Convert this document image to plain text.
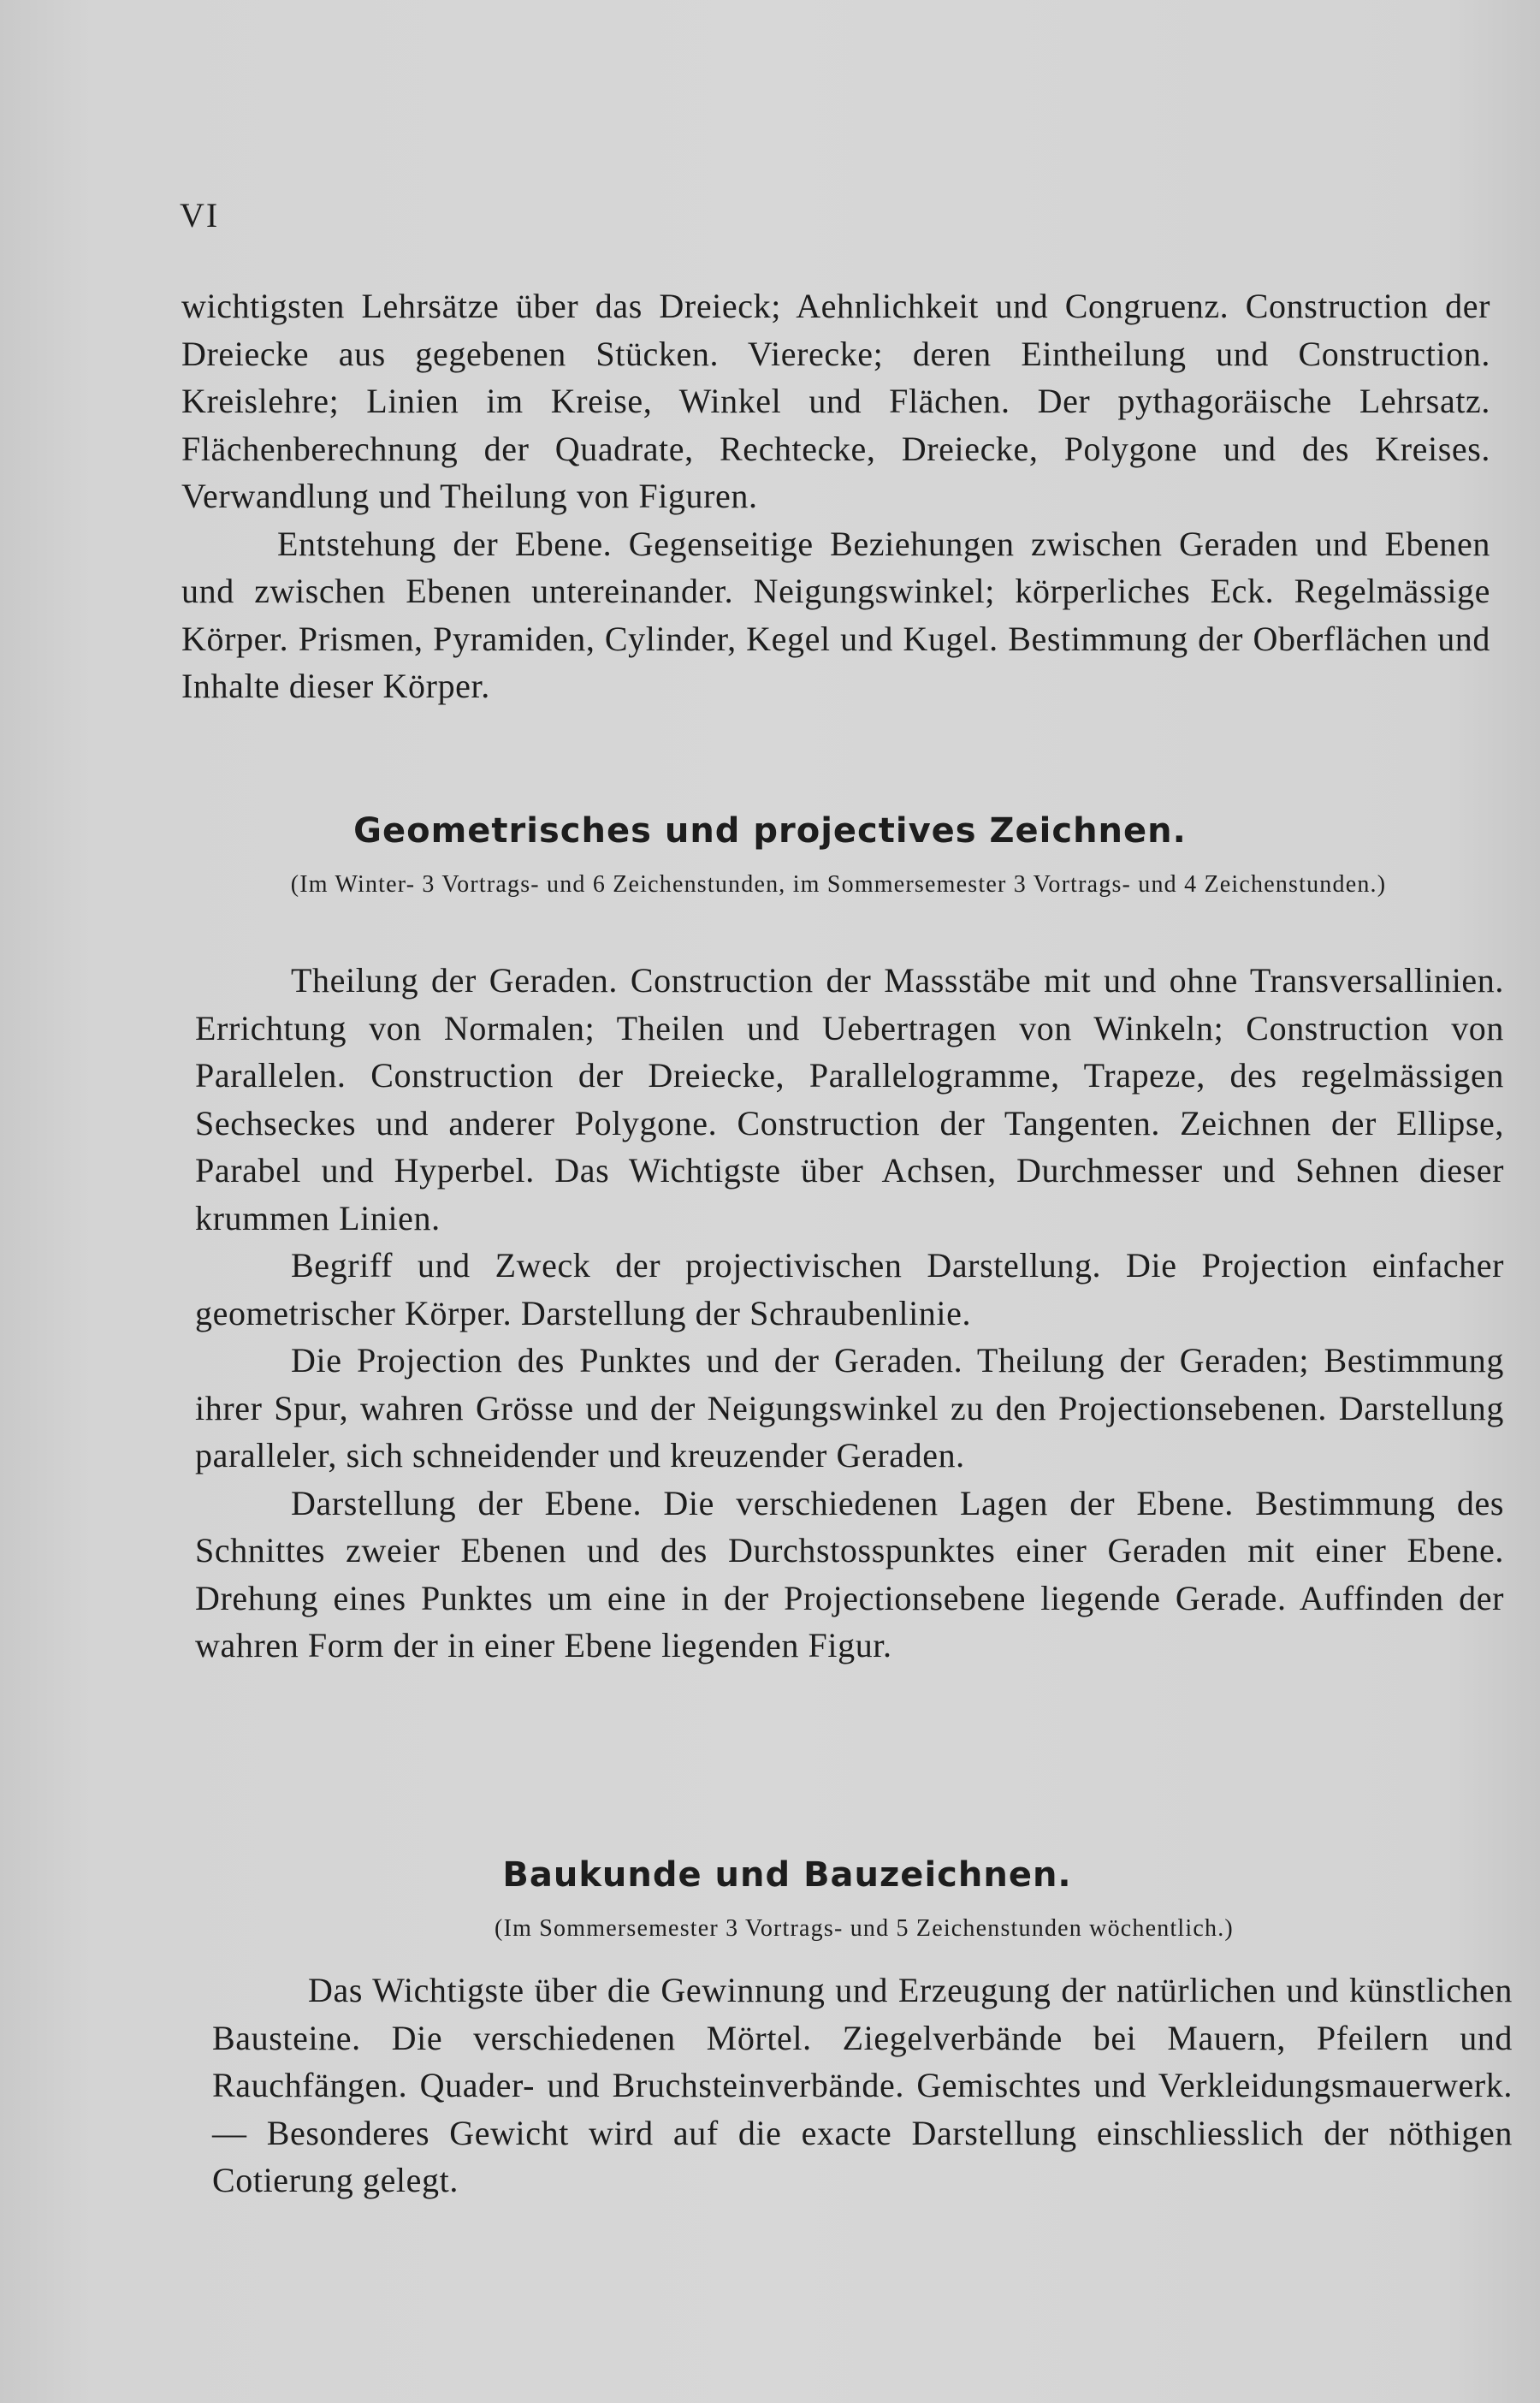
VI

wichtigsten Lehrsätze über das Dreieck; Aehnlichkeit und Congruenz. Construction der Dreiecke aus gegebenen Stücken. Vierecke; deren Eintheilung und Construction. Kreislehre; Linien im Kreise, Winkel und Flächen. Der pythagoräische Lehrsatz. Flächenberechnung der Quadrate, Rechtecke, Dreiecke, Polygone und des Kreises. Verwandlung und Theilung von Figuren.

Entstehung der Ebene. Gegenseitige Beziehungen zwischen Geraden und Ebenen und zwischen Ebenen untereinander. Neigungswinkel; körperliches Eck. Regelmässige Körper. Prismen, Pyramiden, Cylinder, Kegel und Kugel. Bestimmung der Oberflächen und Inhalte dieser Körper.

Geometrisches und projectives Zeichnen.
(Im Winter- 3 Vortrags- und 6 Zeichenstunden, im Sommersemester 3 Vortrags- und 4 Zeichenstunden.)

Theilung der Geraden. Construction der Massstäbe mit und ohne Transversallinien. Errichtung von Normalen; Theilen und Uebertragen von Winkeln; Construction von Parallelen. Construction der Dreiecke, Parallelogramme, Trapeze, des regelmässigen Sechseckes und anderer Polygone. Construction der Tangenten. Zeichnen der Ellipse, Parabel und Hyperbel. Das Wichtigste über Achsen, Durchmesser und Sehnen dieser krummen Linien.

Begriff und Zweck der projectivischen Darstellung. Die Projection einfacher geometrischer Körper. Darstellung der Schraubenlinie.

Die Projection des Punktes und der Geraden. Theilung der Geraden; Bestimmung ihrer Spur, wahren Grösse und der Neigungswinkel zu den Projectionsebenen. Darstellung paralleler, sich schneidender und kreuzender Geraden.

Darstellung der Ebene. Die verschiedenen Lagen der Ebene. Bestimmung des Schnittes zweier Ebenen und des Durchstosspunktes einer Geraden mit einer Ebene. Drehung eines Punktes um eine in der Projectionsebene liegende Gerade. Auffinden der wahren Form der in einer Ebene liegenden Figur.

Baukunde und Bauzeichnen.
(Im Sommersemester 3 Vortrags- und 5 Zeichenstunden wöchentlich.)

Das Wichtigste über die Gewinnung und Erzeugung der natürlichen und künstlichen Bausteine. Die verschiedenen Mörtel. Ziegelverbände bei Mauern, Pfeilern und Rauchfängen. Quader- und Bruchsteinverbände. Gemischtes und Verkleidungsmauerwerk. — Besonderes Gewicht wird auf die exacte Darstellung einschliesslich der nöthigen Cotierung gelegt.
